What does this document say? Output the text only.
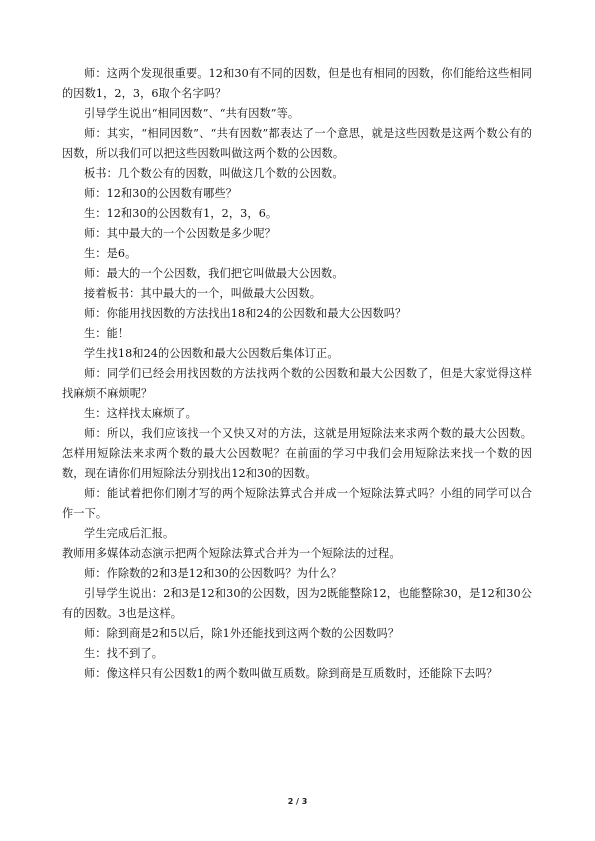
师：这两个发现很重要。12和30有不同的因数，但是也有相同的因数，你们能给这些相同的因数1，2，3，6取个名字吗？

引导学生说出“相同因数”、“共有因数”等。

师：其实，“相同因数”、“共有因数”都表达了一个意思，就是这些因数是这两个数公有的因数，所以我们可以把这些因数叫做这两个数的公因数。

板书：几个数公有的因数，叫做这几个数的公因数。

师：12和30的公因数有哪些？

生：12和30的公因数有1，2，3，6。

师：其中最大的一个公因数是多少呢？

生：是6。

师：最大的一个公因数，我们把它叫做最大公因数。

接着板书：其中最大的一个，叫做最大公因数。

师：你能用找因数的方法找出18和24的公因数和最大公因数吗？

生：能！

学生找18和24的公因数和最大公因数后集体订正。

师：同学们已经会用找因数的方法找两个数的公因数和最大公因数了，但是大家觉得这样找麻烦不麻烦呢？

生：这样找太麻烦了。

师：所以，我们应该找一个又快又对的方法，这就是用短除法来求两个数的最大公因数。怎样用短除法来求两个数的最大公因数呢？在前面的学习中我们会用短除法来找一个数的因数，现在请你们用短除法分别找出12和30的因数。

师：能试着把你们刚才写的两个短除法算式合并成一个短除法算式吗？小组的同学可以合作一下。

学生完成后汇报。

教师用多媒体动态演示把两个短除法算式合并为一个短除法的过程。

师：作除数的2和3是12和30的公因数吗？为什么？

引导学生说出：2和3是12和30的公因数，因为2既能整除12，也能整除30，是12和30公有的因数。3也是这样。

师：除到商是2和5以后，除1外还能找到这两个数的公因数吗？

生：找不到了。

师：像这样只有公因数1的两个数叫做互质数。除到商是互质数时，还能除下去吗？

2 / 3
